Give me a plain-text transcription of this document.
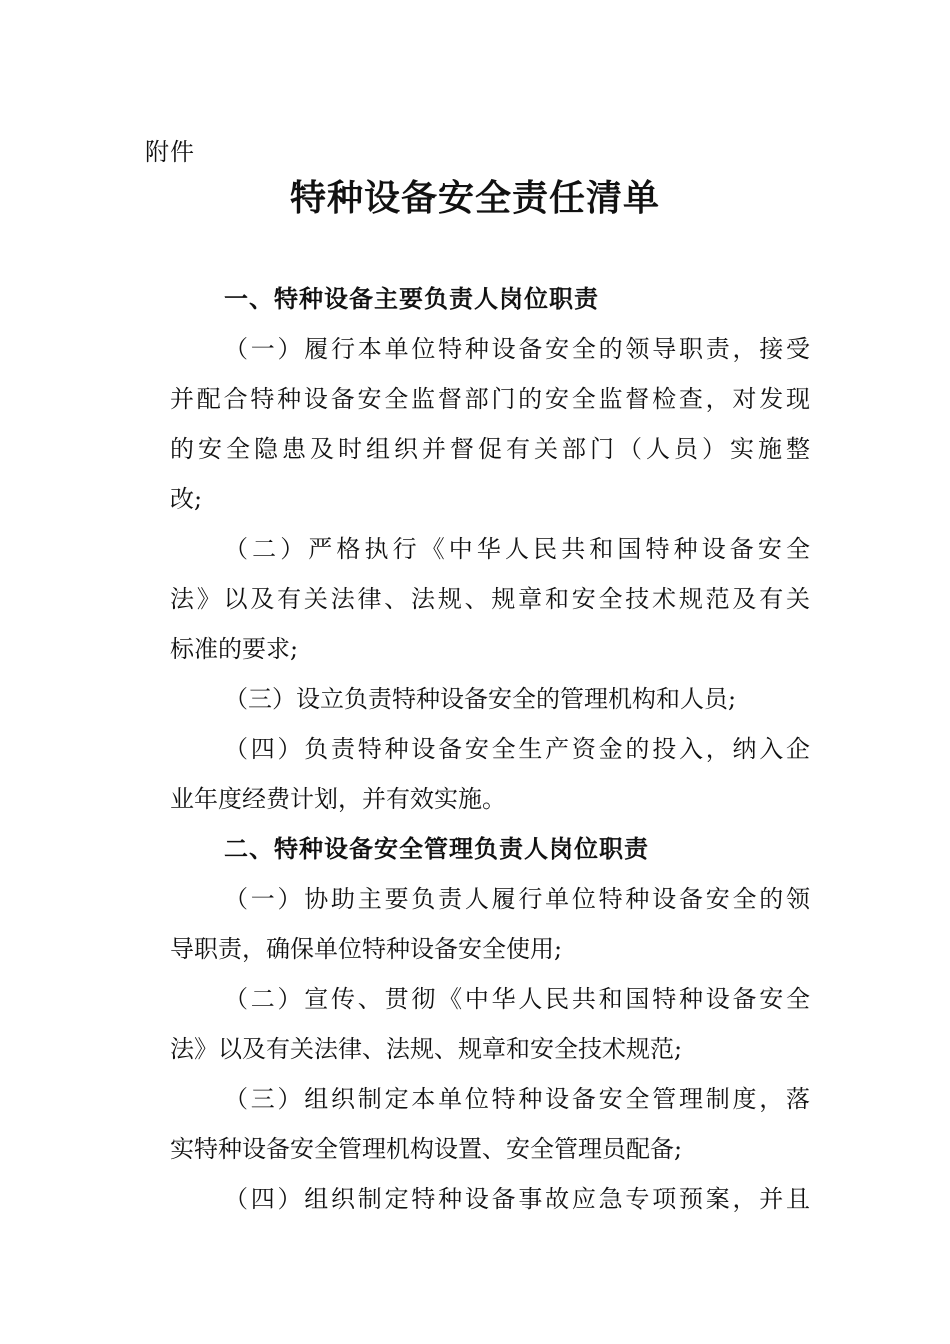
附件
特种设备安全责任清单
一、特种设备主要负责人岗位职责
（一）履行本单位特种设备安全的领导职责，接受
并配合特种设备安全监督部门的安全监督检查，对发现
的安全隐患及时组织并督促有关部门（人员）实施整
改;
（二）严格执行《中华人民共和国特种设备安全
法》以及有关法律、法规、规章和安全技术规范及有关
标准的要求;
（三）设立负责特种设备安全的管理机构和人员;
（四）负责特种设备安全生产资金的投入，纳入企
业年度经费计划，并有效实施。
二、特种设备安全管理负责人岗位职责
（一）协助主要负责人履行单位特种设备安全的领
导职责，确保单位特种设备安全使用;
（二）宣传、贯彻《中华人民共和国特种设备安全
法》以及有关法律、法规、规章和安全技术规范;
（三）组织制定本单位特种设备安全管理制度，落
实特种设备安全管理机构设置、安全管理员配备;
（四）组织制定特种设备事故应急专项预案，并且
